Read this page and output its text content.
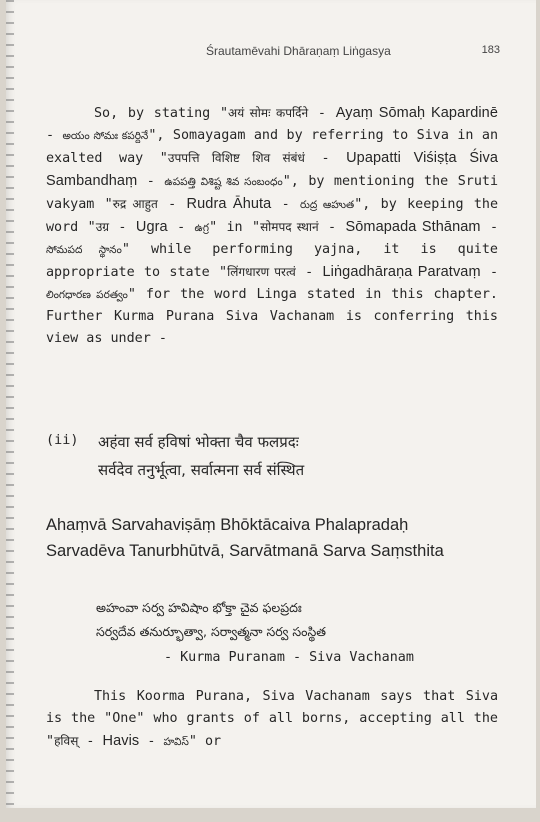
Śrautamēvahi Dhāraṇaṃ Liṅgasya	183

So, by stating "अयं सोमः कपर्दिने - Ayaṃ Sōmaḥ Kapardinē - అయం సోమః కపర్దినే", Somayagam and by referring to Siva in an exalted way "उपपत्ति विशिष्ट शिव संबंधं - Upapatti Viśiṣṭa Śiva Sambandhaṃ - ఉపపత్తి విశిష్ట శివ సంబంధం", by mentioning the Sruti vakyam "रुद्र आहुत - Rudra Āhuta - రుద్ర ఆహుత", by keeping the word "उग्र - Ugra - ఉగ్ర" in "सोमपद स्थानं - Sōmapada Sthānam - సోమపద స్థానం" while performing yajna, it is quite appropriate to state "लिंगधारण परत्वं - Liṅgadhāraṇa Paratvaṃ - లింగధారణ పరత్వం" for the word Linga stated in this chapter. Further Kurma Purana Siva Vachanam is conferring this view as under -

(ii) अहंवा सर्व हविषां भोक्ता चैव फलप्रदः
सर्वदेव तनुर्भूत्वा, सर्वात्मना सर्व संस्थित
Ahaṃvā Sarvahaviṣāṃ Bhōktācaiva Phalapradaḥ
Sarvadēva Tanurbhūtvā, Sarvātmanā Sarva Saṃsthita
అహంవా సర్వ హవిషాం భోక్తా చైవ ఫలప్రదః
సర్వదేవ తనుర్భూత్వా, సర్వాత్మనా సర్వ సంస్థిత
- Kurma Puranam - Siva Vachanam

This Koorma Purana, Siva Vachanam says that Siva is the "One" who grants of all borns, accepting all the "हविस् - Havis - హవిస్" or
